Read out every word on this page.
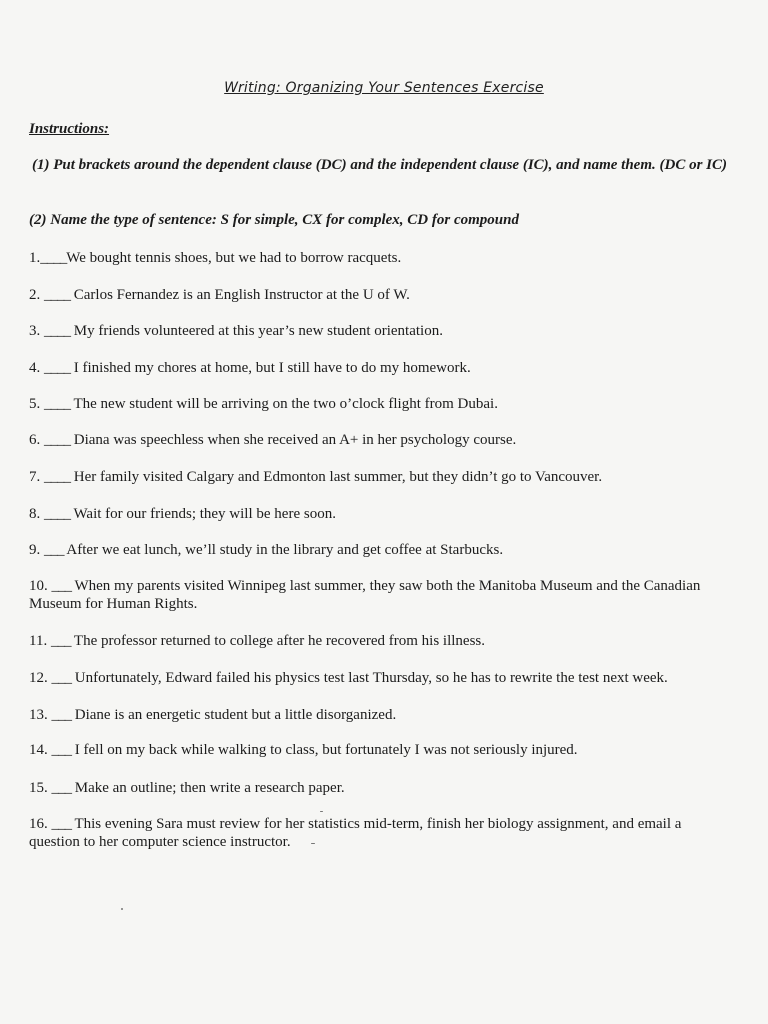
Writing: Organizing Your Sentences Exercise
Instructions:
(1) Put brackets around the dependent clause (DC) and the independent clause (IC), and name them. (DC or IC)
(2) Name the type of sentence: S for simple, CX for complex, CD for compound
1.____We bought tennis shoes, but we had to borrow racquets.
2. ____ Carlos Fernandez is an English Instructor at the U of W.
3. ____ My friends volunteered at this year’s new student orientation.
4. ____ I finished my chores at home, but I still have to do my homework.
5. ____ The new student will be arriving on the two o’clock flight from Dubai.
6. ____ Diana was speechless when she received an A+ in her psychology course.
7. ____ Her family visited Calgary and Edmonton last summer, but they didn’t go to Vancouver.
8. ____ Wait for our friends; they will be here soon.
9. ___ After we eat lunch, we’ll study in the library and get coffee at Starbucks.
10. ___ When my parents visited Winnipeg last summer, they saw both the Manitoba Museum and the Canadian Museum for Human Rights.
11. ___ The professor returned to college after he recovered from his illness.
12. ___ Unfortunately, Edward failed his physics test last Thursday, so he has to rewrite the test next week.
13. ___ Diane is an energetic student but a little disorganized.
14. ___ I fell on my back while walking to class, but fortunately I was not seriously injured.
15. ___ Make an outline; then write a research paper.
16. ___ This evening Sara must review for her statistics mid-term, finish her biology assignment, and email a question to her computer science instructor.
